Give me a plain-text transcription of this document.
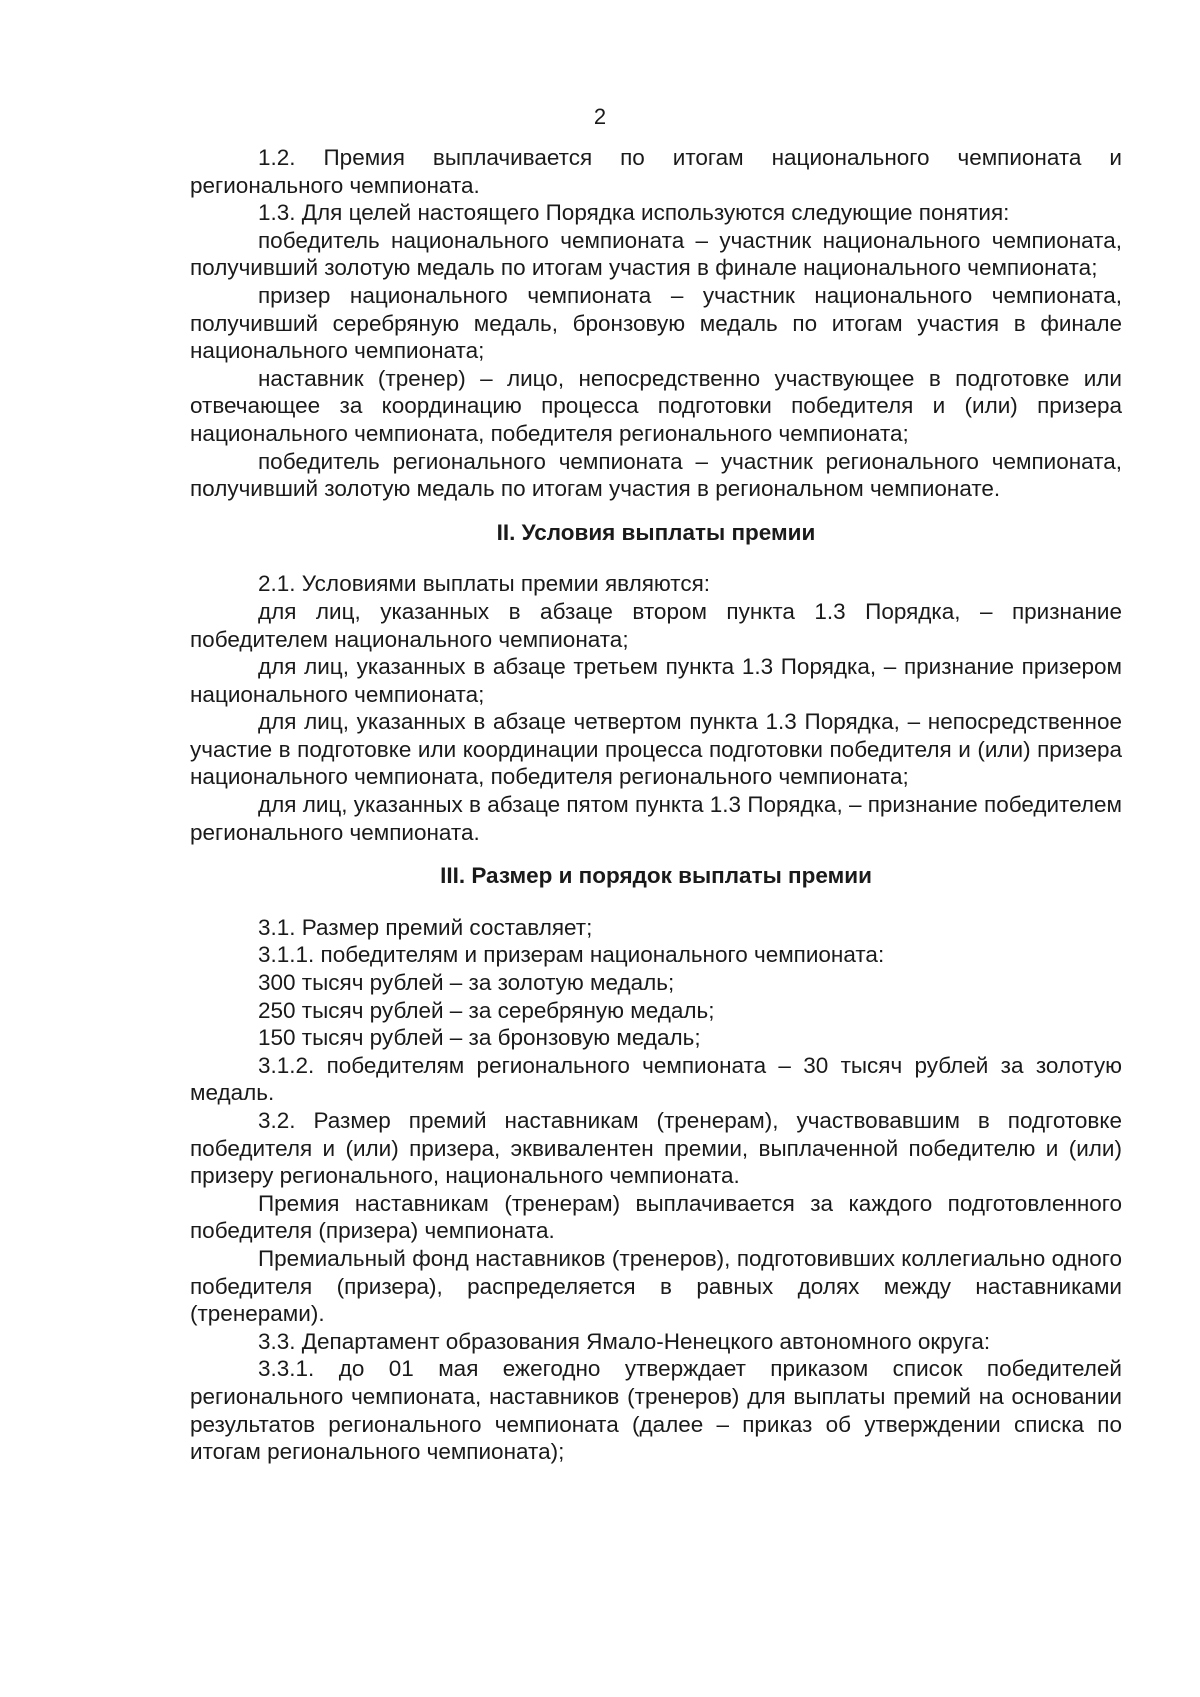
2

1.2. Премия выплачивается по итогам национального чемпионата и регионального чемпионата.

1.3. Для целей настоящего Порядка используются следующие понятия:

победитель национального чемпионата – участник национального чемпионата, получивший золотую медаль по итогам участия в финале национального чемпионата;

призер национального чемпионата – участник национального чемпионата, получивший серебряную медаль, бронзовую медаль по итогам участия в финале национального чемпионата;

наставник (тренер) – лицо, непосредственно участвующее в подготовке или отвечающее за координацию процесса подготовки победителя и (или) призера национального чемпионата, победителя регионального чемпионата;

победитель регионального чемпионата – участник регионального чемпионата, получивший золотую медаль по итогам участия в региональном чемпионате.

II. Условия выплаты премии

2.1. Условиями выплаты премии являются:

для лиц, указанных в абзаце втором пункта 1.3 Порядка, – признание победителем национального чемпионата;

для лиц, указанных в абзаце третьем пункта 1.3 Порядка, – признание призером национального чемпионата;

для лиц, указанных в абзаце четвертом пункта 1.3 Порядка, – непосредственное участие в подготовке или координации процесса подготовки победителя и (или) призера национального чемпионата, победителя регионального чемпионата;

для лиц, указанных в абзаце пятом пункта 1.3 Порядка, – признание победителем регионального чемпионата.

III. Размер и порядок выплаты премии

3.1. Размер премий составляет;

3.1.1. победителям и призерам национального чемпионата:

300 тысяч рублей – за золотую медаль;

250 тысяч рублей – за серебряную медаль;

150 тысяч рублей – за бронзовую медаль;

3.1.2. победителям регионального чемпионата – 30 тысяч рублей за золотую медаль.

3.2. Размер премий наставникам (тренерам), участвовавшим в подготовке победителя и (или) призера, эквивалентен премии, выплаченной победителю и (или) призеру регионального, национального чемпионата.

Премия наставникам (тренерам) выплачивается за каждого подготовленного победителя (призера) чемпионата.

Премиальный фонд наставников (тренеров), подготовивших коллегиально одного победителя (призера), распределяется в равных долях между наставниками (тренерами).

3.3. Департамент образования Ямало-Ненецкого автономного округа:

3.3.1. до 01 мая ежегодно утверждает приказом список победителей регионального чемпионата, наставников (тренеров) для выплаты премий на основании результатов регионального чемпионата (далее – приказ об утверждении списка по итогам регионального чемпионата);
